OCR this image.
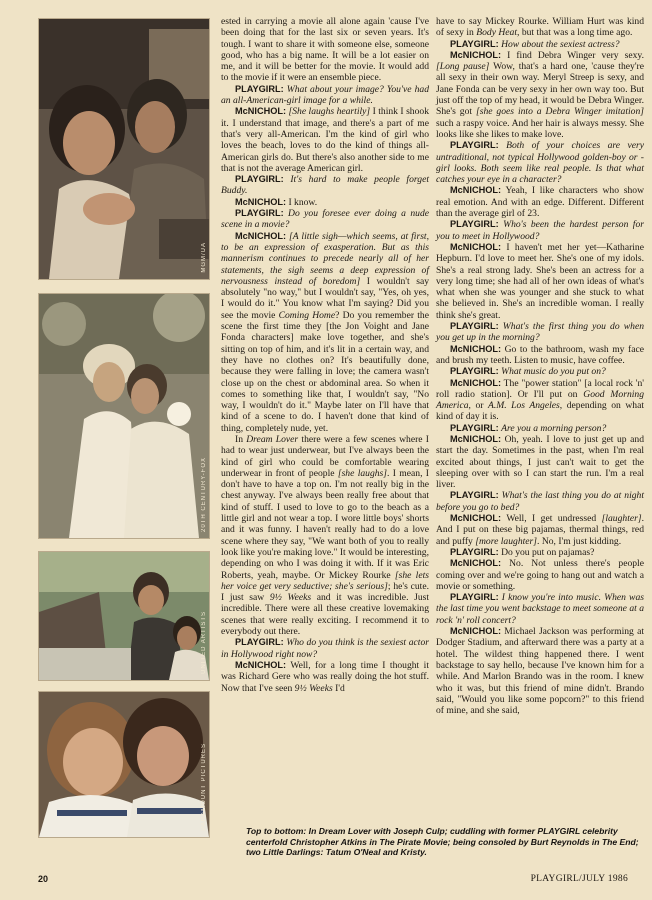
MGM/UA
20TH CENTURY-FOX
UNITED ARTISTS
PARAMOUNT PICTURES

ested in carrying a movie all alone again 'cause I've been doing that for the last six or seven years. It's tough. I want to share it with someone else, someone good, who has a big name. It will be a lot easier on me, and it will be better for the movie. It would add to the movie if it were an ensemble piece.

PLAYGIRL: What about your image? You've had an all-American-girl image for a while.

McNICHOL: [She laughs heartily] I think I shook it. I understand that image, and there's a part of me that's very all-American. I'm the kind of girl who loves the beach, loves to do the kind of things all-American girls do. But there's also another side to me that is not the average American girl.

PLAYGIRL: It's hard to make people forget Buddy.

McNICHOL: I know.

PLAYGIRL: Do you foresee ever doing a nude scene in a movie?

McNICHOL: [A little sigh—which seems, at first, to be an expression of exasperation. But as this mannerism continues to precede nearly all of her statements, the sigh seems a deep expression of nervousness instead of boredom] I wouldn't say absolutely "no way," but I wouldn't say, "Yes, oh yes, I would do it." You know what I'm saying? Did you see the movie Coming Home? Do you remember the scene the first time they [the Jon Voight and Jane Fonda characters] make love together, and she's sitting on top of him, and it's lit in a certain way, and they have no clothes on? It's beautifully done, because they were falling in love; the camera wasn't close up on the chest or abdominal area. So when it comes to something like that, I wouldn't say, "No way, I wouldn't do it." Maybe later on I'll have that kind of a scene to do. I haven't done that kind of thing, completely nude, yet.

In Dream Lover there were a few scenes where I had to wear just underwear, but I've always been the kind of girl who could be comfortable wearing underwear in front of people [she laughs]. I mean, I don't have to have a top on. I'm not really big in the chest anyway. I've always been really free about that kind of stuff. I used to love to go to the beach as a little girl and not wear a top. I wore little boys' shorts and it was funny. I haven't really had to do a love scene where they say, "We want both of you to really look like you're making love." It would be interesting, depending on who I was doing it with. If it was Eric Roberts, yeah, maybe. Or Mickey Rourke [she lets her voice get very seductive; she's serious]; he's cute. I just saw 9½ Weeks and it was incredible. Just incredible. There were all these creative lovemaking scenes that were really exciting. I recommend it to everybody out there.

PLAYGIRL: Who do you think is the sexiest actor in Hollywood right now?

McNICHOL: Well, for a long time I thought it was Richard Gere who was really doing the hot stuff. Now that I've seen 9½ Weeks I'd

have to say Mickey Rourke. William Hurt was kind of sexy in Body Heat, but that was a long time ago.

PLAYGIRL: How about the sexiest actress?

McNICHOL: I find Debra Winger very sexy. [Long pause] Wow, that's a hard one, 'cause they're all sexy in their own way. Meryl Streep is sexy, and Jane Fonda can be very sexy in her own way too. But just off the top of my head, it would be Debra Winger. She's got [she goes into a Debra Winger imitation] such a raspy voice. And her hair is always messy. She looks like she likes to make love.

PLAYGIRL: Both of your choices are very untraditional, not typical Hollywood golden-boy or -girl looks. Both seem like real people. Is that what catches your eye in a character?

McNICHOL: Yeah, I like characters who show real emotion. And with an edge. Different. Different than the average girl of 23.

PLAYGIRL: Who's been the hardest person for you to meet in Hollywood?

McNICHOL: I haven't met her yet—Katharine Hepburn. I'd love to meet her. She's one of my idols. She's a real strong lady. She's been an actress for a very long time; she had all of her own ideas of what's what when she was younger and she stuck to what she believed in. She's an incredible woman. I really think she's great.

PLAYGIRL: What's the first thing you do when you get up in the morning?

McNICHOL: Go to the bathroom, wash my face and brush my teeth. Listen to music, have coffee.

PLAYGIRL: What music do you put on?

McNICHOL: The "power station" [a local rock 'n' roll radio station]. Or I'll put on Good Morning America, or A.M. Los Angeles, depending on what kind of day it is.

PLAYGIRL: Are you a morning person?

McNICHOL: Oh, yeah. I love to just get up and start the day. Sometimes in the past, when I'm real excited about things, I just can't wait to get the sleeping over with so I can start the run. I'm a real liver.

PLAYGIRL: What's the last thing you do at night before you go to bed?

McNICHOL: Well, I get undressed [laughter]. And I put on these big pajamas, thermal things, red and puffy [more laughter]. No, I'm just kidding.

PLAYGIRL: Do you put on pajamas?

McNICHOL: No. Not unless there's people coming over and we're going to hang out and watch a movie or something.

PLAYGIRL: I know you're into music. When was the last time you went backstage to meet someone at a rock 'n' roll concert?

McNICHOL: Michael Jackson was performing at Dodger Stadium, and afterward there was a party at a hotel. The wildest thing happened there. I went backstage to say hello, because I've known him for a while. And Marlon Brando was in the room. I knew who it was, but this friend of mine didn't. Brando said, "Would you like some popcorn?" to this friend of mine, and she said,

Top to bottom: In Dream Lover with Joseph Culp; cuddling with former PLAYGIRL celebrity centerfold Christopher Atkins in The Pirate Movie; being consoled by Burt Reynolds in The End; two Little Darlings: Tatum O'Neal and Kristy.
20	PLAYGIRL/JULY 1986
